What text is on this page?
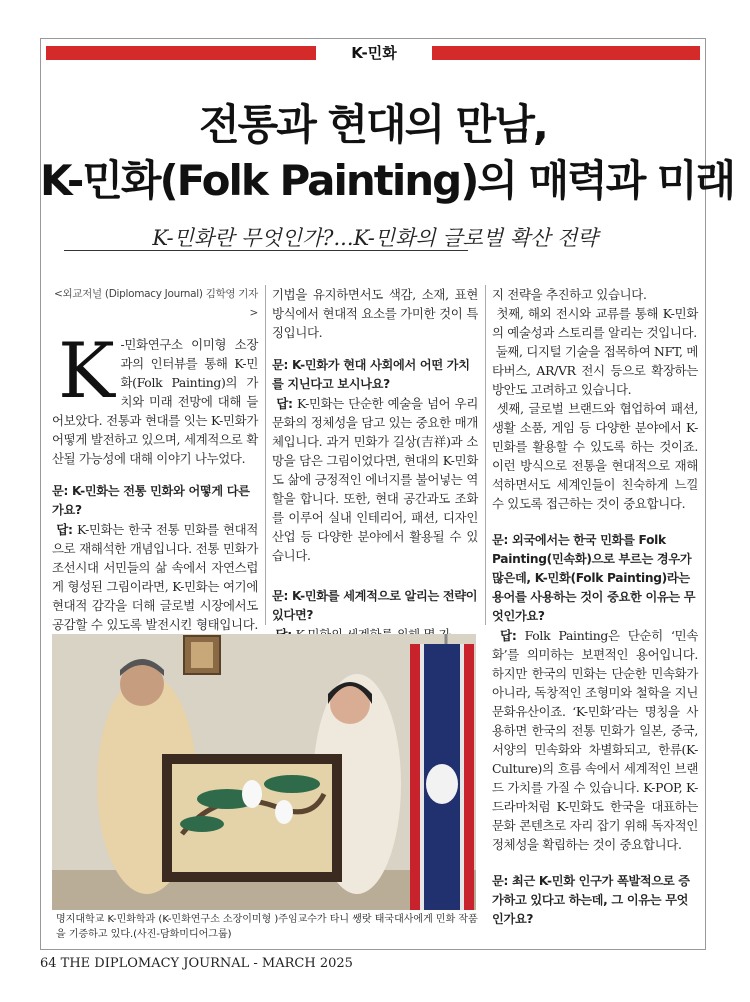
K-민화
전통과 현대의 만남,
K-민화(Folk Painting)의 매력과 미래
K-민화란 무엇인가?...K-민화의 글로벌 확산 전략

<외교저널 (Diplomacy Journal) 김학영 기자>

K -민화연구소 이미형 소장과의 인터뷰를 통해 K-민화(Folk Painting)의 가치와 미래 전망에 대해 들어보았다. 전통과 현대를 잇는 K-민화가 어떻게 발전하고 있으며, 세계적으로 확산될 가능성에 대해 이야기 나누었다.

문: K-민화는 전통 민화와 어떻게 다른가요?

답: K-민화는 한국 전통 민화를 현대적으로 재해석한 개념입니다. 전통 민화가 조선시대 서민들의 삶 속에서 자연스럽게 형성된 그림이라면, K-민화는 여기에 현대적 감각을 더해 글로벌 시장에서도 공감할 수 있도록 발전시킨 형태입니다.

기법을 유지하면서도 색감, 소재, 표현 방식에서 현대적 요소를 가미한 것이 특징입니다.

문: K-민화가 현대 사회에서 어떤 가치를 지닌다고 보시나요?

답: K-민화는 단순한 예술을 넘어 우리 문화의 정체성을 담고 있는 중요한 매개체입니다. 과거 민화가 길상(吉祥)과 소망을 담은 그림이었다면, 현대의 K-민화도 삶에 긍정적인 에너지를 불어넣는 역할을 합니다. 또한, 현대 공간과도 조화를 이루어 실내 인테리어, 패션, 디자인 산업 등 다양한 분야에서 활용될 수 있습니다.

문: K-민화를 세계적으로 알리는 전략이 있다면?

지 전략을 추진하고 있습니다.

첫째, 해외 전시와 교류를 통해 K-민화의 예술성과 스토리를 알리는 것입니다.

둘째, 디지털 기술을 접목하여 NFT, 메타버스, AR/VR 전시 등으로 확장하는 방안도 고려하고 있습니다.

셋째, 글로벌 브랜드와 협업하여 패션, 생활 소품, 게임 등 다양한 분야에서 K-민화를 활용할 수 있도록 하는 것이죠. 이런 방식으로 전통을 현대적으로 재해석하면서도 세계인들이 친숙하게 느낄 수 있도록 접근하는 것이 중요합니다.

문: 외국에서는 한국 민화를 Folk Painting(민속화)으로 부르는 경우가 많은데, K-민화(Folk Painting)라는 용어를 사용하는 것이 중요한 이유는 무엇인가요?

답: Folk Painting은 단순히 ‘민속화’를 의미하는 보편적인 용어입니다. 하지만 한국의 민화는 단순한 민속화가 아니라, 독창적인 조형미와 철학을 지닌 문화유산이죠. ‘K-민화’라는 명칭을 사용하면 한국의 전통 민화가 일본, 중국, 서양의 민속화와 차별화되고, 한류(K-Culture)의 흐름 속에서 세계적인 브랜드 가치를 가질 수 있습니다. K-POP, K-드라마처럼 K-민화도 한국을 대표하는 문화 콘텐츠로 자리 잡기 위해 독자적인 정체성을 확립하는 것이 중요합니다.

문: 최근 K-민화 인구가 폭발적으로 증가하고 있다고 하는데, 그 이유는 무엇인가요?

명지대학교 K-민화학과 (K-민화연구소 소장이미형 )주임교수가 타니 쌩랏 태국대사에게 민화 작품을 기증하고 있다.(사진-담화미디어그룹)
64 THE DIPLOMACY JOURNAL - MARCH 2025
